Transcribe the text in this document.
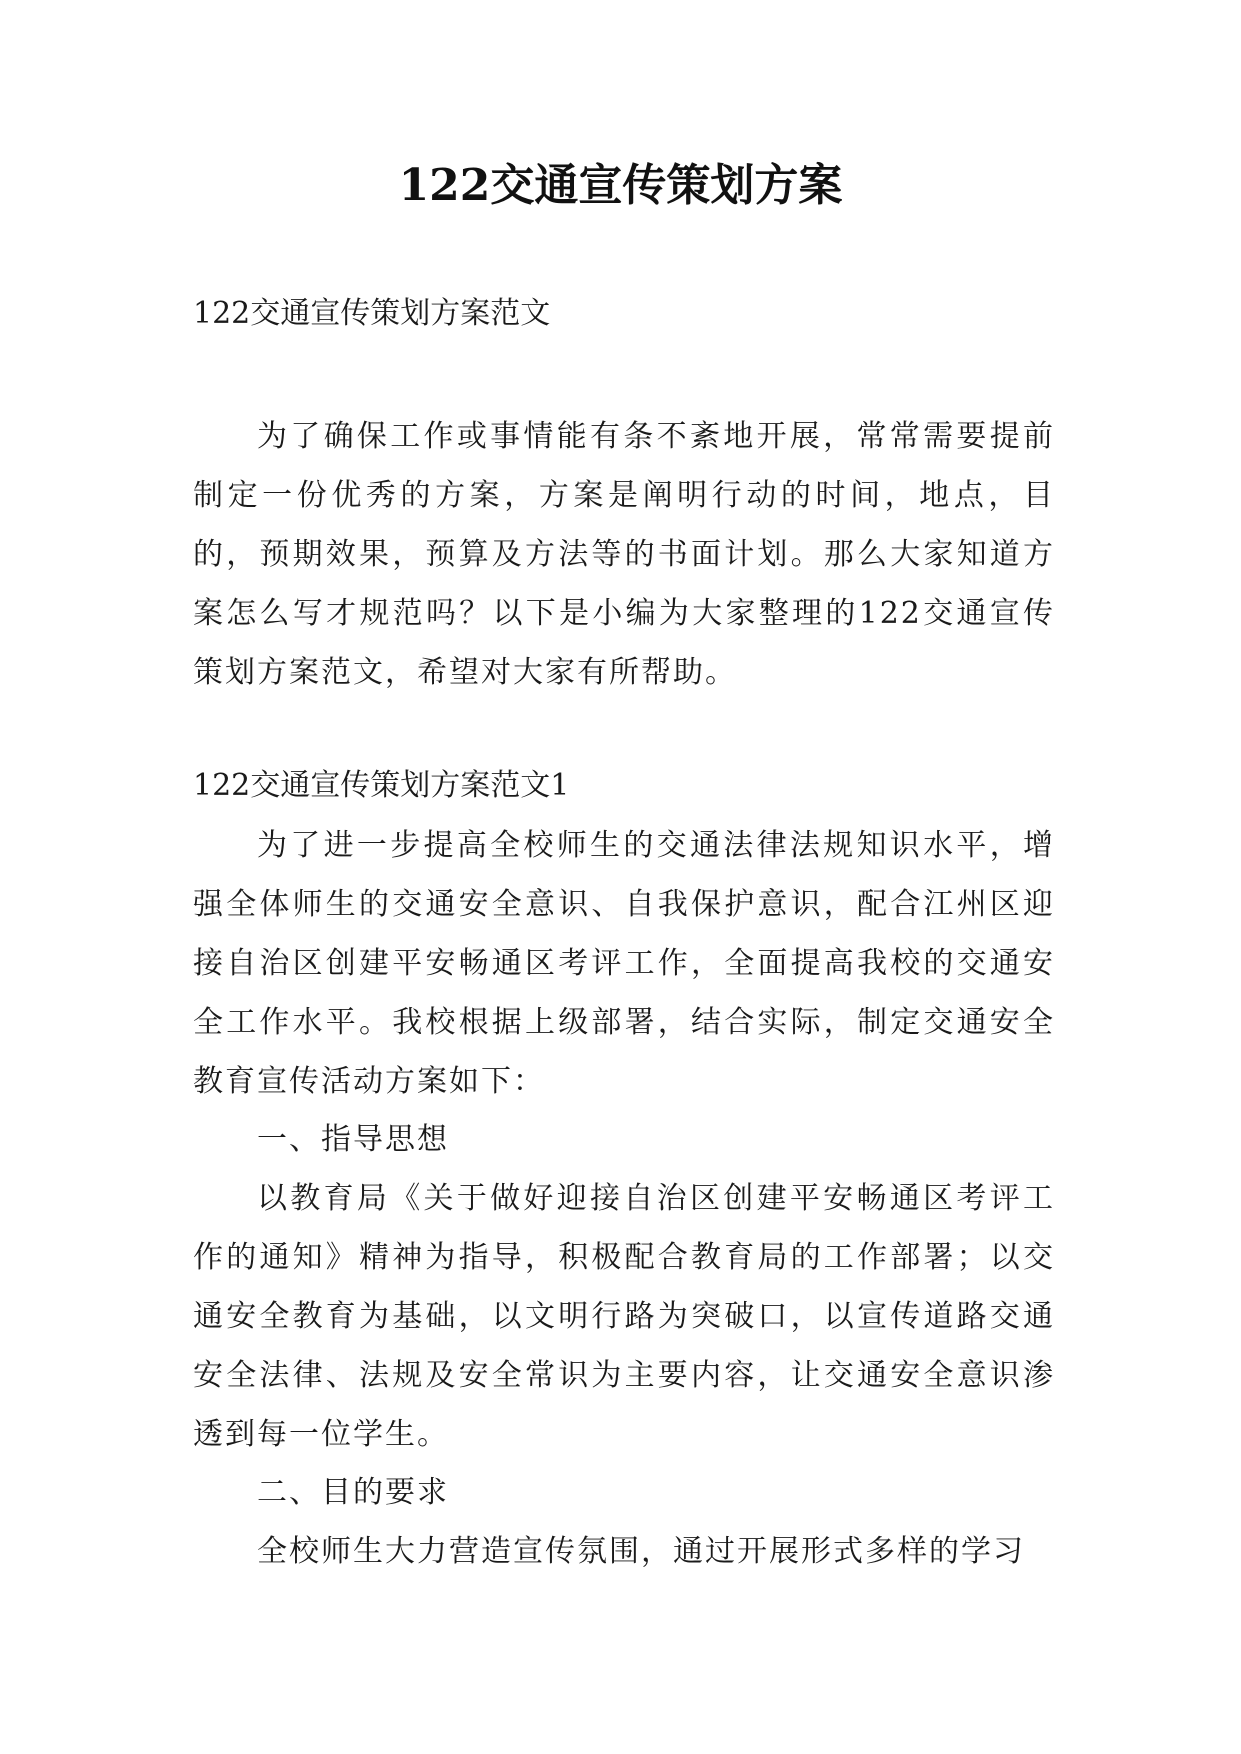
122交通宣传策划方案

122交通宣传策划方案范文

为了确保工作或事情能有条不紊地开展，常常需要提前制定一份优秀的方案，方案是阐明行动的时间，地点，目的，预期效果，预算及方法等的书面计划。那么大家知道方案怎么写才规范吗？以下是小编为大家整理的122交通宣传策划方案范文，希望对大家有所帮助。

122交通宣传策划方案范文1

为了进一步提高全校师生的交通法律法规知识水平，增强全体师生的交通安全意识、自我保护意识，配合江州区迎接自治区创建平安畅通区考评工作，全面提高我校的交通安全工作水平。我校根据上级部署，结合实际，制定交通安全教育宣传活动方案如下：

一、指导思想

以教育局《关于做好迎接自治区创建平安畅通区考评工作的通知》精神为指导，积极配合教育局的工作部署；以交通安全教育为基础，以文明行路为突破口，以宣传道路交通安全法律、法规及安全常识为主要内容，让交通安全意识渗透到每一位学生。

二、目的要求

全校师生大力营造宣传氛围，通过开展形式多样的学习
